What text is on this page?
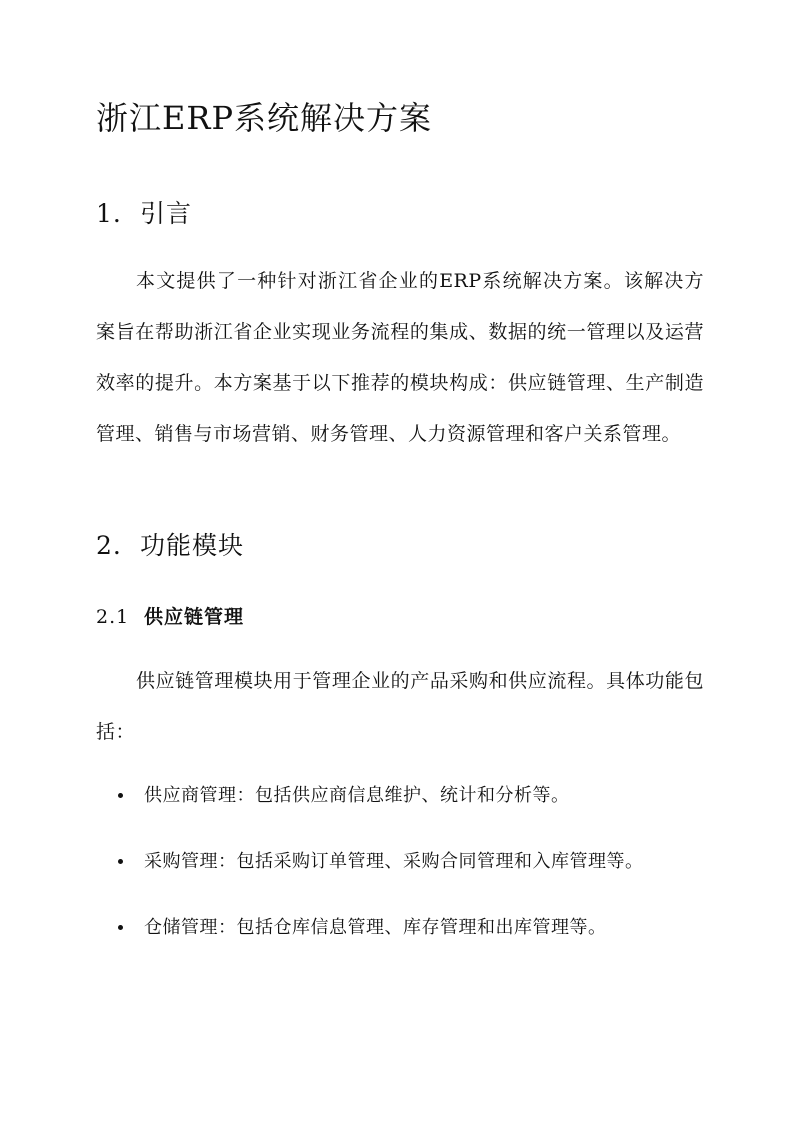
浙江ERP系统解决方案
1. 引言

本文提供了一种针对浙江省企业的ERP系统解决方案。该解决方案旨在帮助浙江省企业实现业务流程的集成、数据的统一管理以及运营效率的提升。本方案基于以下推荐的模块构成：供应链管理、生产制造管理、销售与市场营销、财务管理、人力资源管理和客户关系管理。

2. 功能模块
2.1 供应链管理

供应链管理模块用于管理企业的产品采购和供应流程。具体功能包括：

供应商管理：包括供应商信息维护、统计和分析等。
采购管理：包括采购订单管理、采购合同管理和入库管理等。
仓储管理：包括仓库信息管理、库存管理和出库管理等。
